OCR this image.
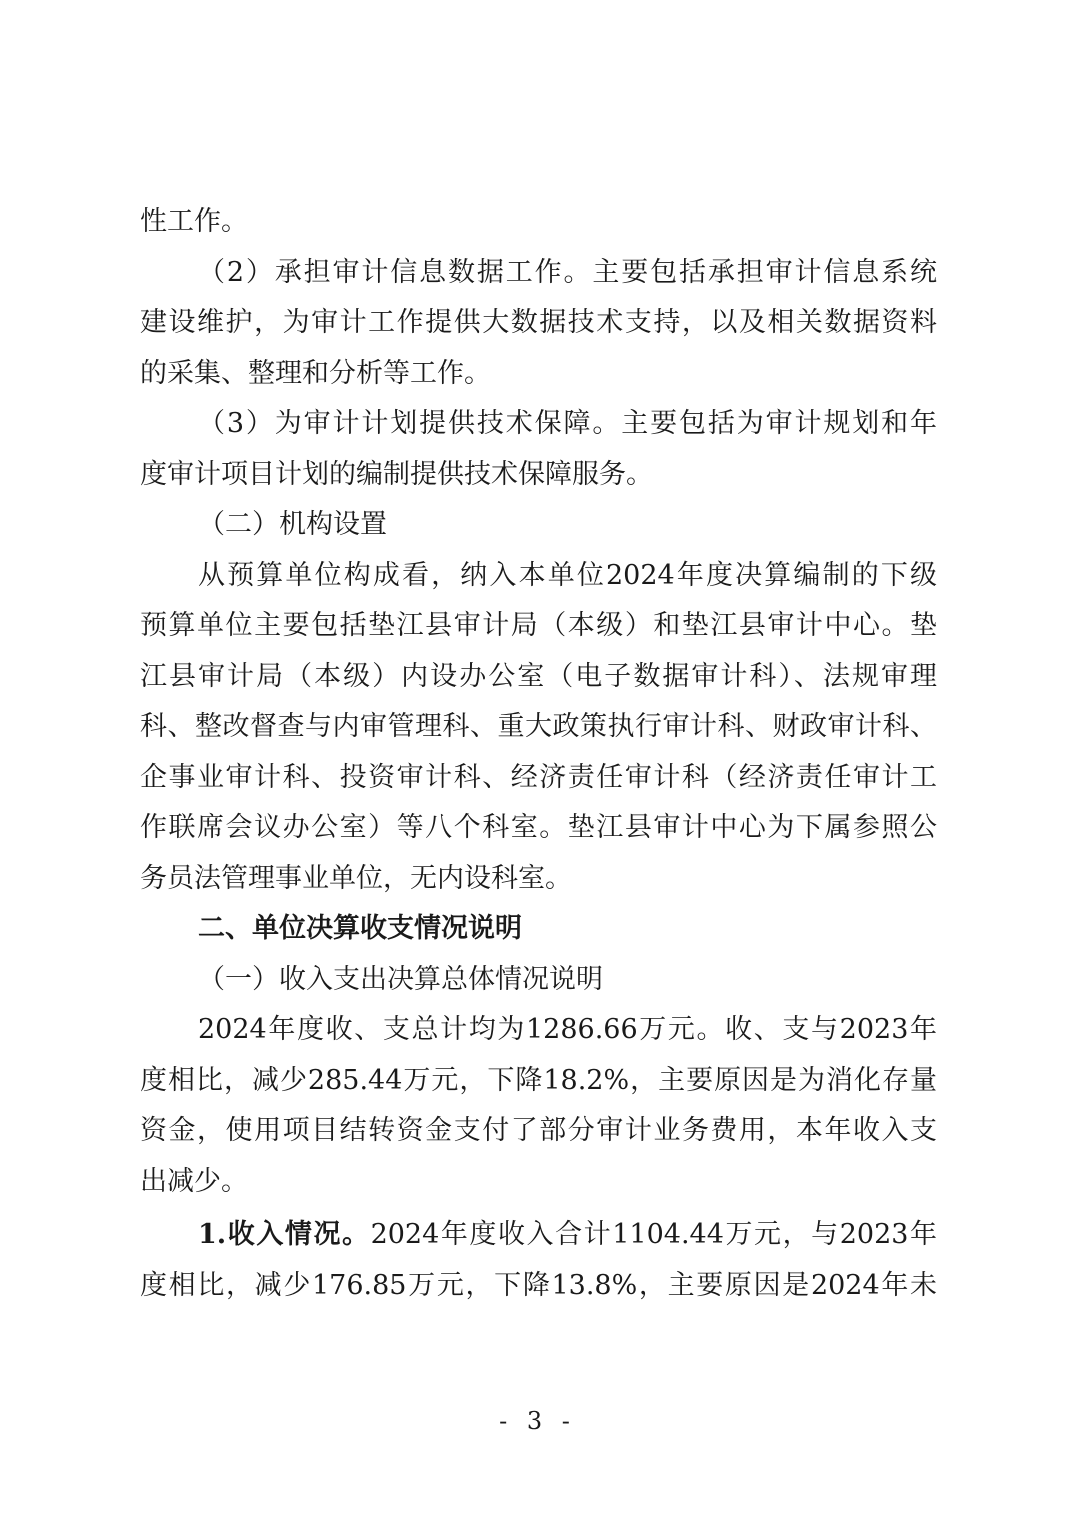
性工作。
（2）承担审计信息数据工作。主要包括承担审计信息系统
建设维护，为审计工作提供大数据技术支持，以及相关数据资料
的采集、整理和分析等工作。
（3）为审计计划提供技术保障。主要包括为审计规划和年
度审计项目计划的编制提供技术保障服务。
（二）机构设置
从预算单位构成看，纳入本单位2024年度决算编制的下级
预算单位主要包括垫江县审计局（本级）和垫江县审计中心。垫
江县审计局（本级）内设办公室（电子数据审计科）、法规审理
科、整改督查与内审管理科、重大政策执行审计科、财政审计科、
企事业审计科、投资审计科、经济责任审计科（经济责任审计工
作联席会议办公室）等八个科室。垫江县审计中心为下属参照公
务员法管理事业单位，无内设科室。
二、单位决算收支情况说明
（一）收入支出决算总体情况说明
2024年度收、支总计均为1286.66万元。收、支与2023年
度相比，减少285.44万元，下降18.2%，主要原因是为消化存量
资金，使用项目结转资金支付了部分审计业务费用，本年收入支
出减少。
1.收入情况。2024年度收入合计1104.44万元，与2023年
度相比，减少176.85万元，下降13.8%，主要原因是2024年未
- 3 -
